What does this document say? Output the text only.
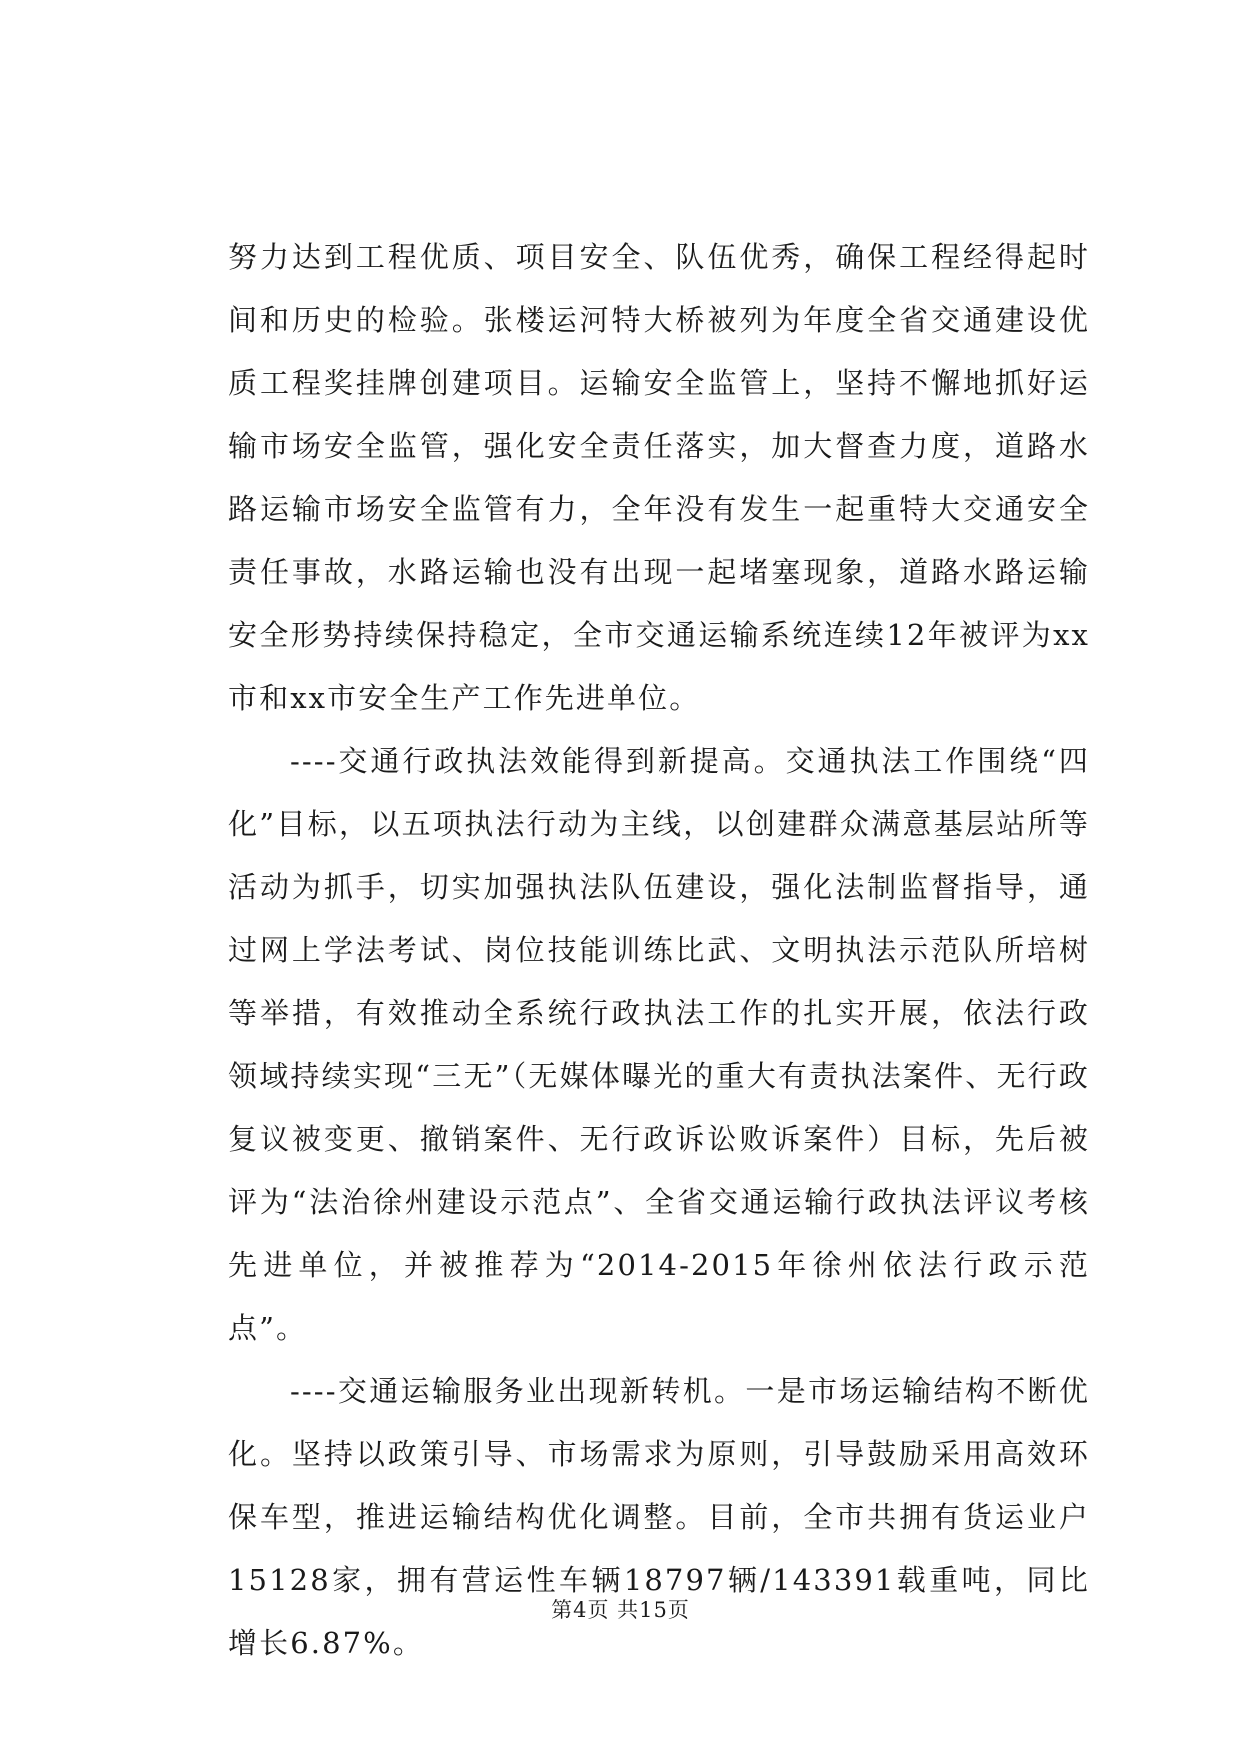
努力达到工程优质、项目安全、队伍优秀，确保工程经得起时间和历史的检验。张楼运河特大桥被列为年度全省交通建设优质工程奖挂牌创建项目。运输安全监管上，坚持不懈地抓好运输市场安全监管，强化安全责任落实，加大督查力度，道路水路运输市场安全监管有力，全年没有发生一起重特大交通安全责任事故，水路运输也没有出现一起堵塞现象，道路水路运输安全形势持续保持稳定，全市交通运输系统连续12年被评为xx市和xx市安全生产工作先进单位。

----交通行政执法效能得到新提高。交通执法工作围绕“四化”目标，以五项执法行动为主线，以创建群众满意基层站所等活动为抓手，切实加强执法队伍建设，强化法制监督指导，通过网上学法考试、岗位技能训练比武、文明执法示范队所培树等举措，有效推动全系统行政执法工作的扎实开展，依法行政领域持续实现“三无”（无媒体曝光的重大有责执法案件、无行政复议被变更、撤销案件、无行政诉讼败诉案件）目标，先后被评为“法治徐州建设示范点”、全省交通运输行政执法评议考核先进单位，并被推荐为“2014-2015年徐州依法行政示范点”。

----交通运输服务业出现新转机。一是市场运输结构不断优化。坚持以政策引导、市场需求为原则，引导鼓励采用高效环保车型，推进运输结构优化调整。目前，全市共拥有货运业户15128家，拥有营运性车辆18797辆/143391载重吨，同比增长6.87%。

第4页 共15页
